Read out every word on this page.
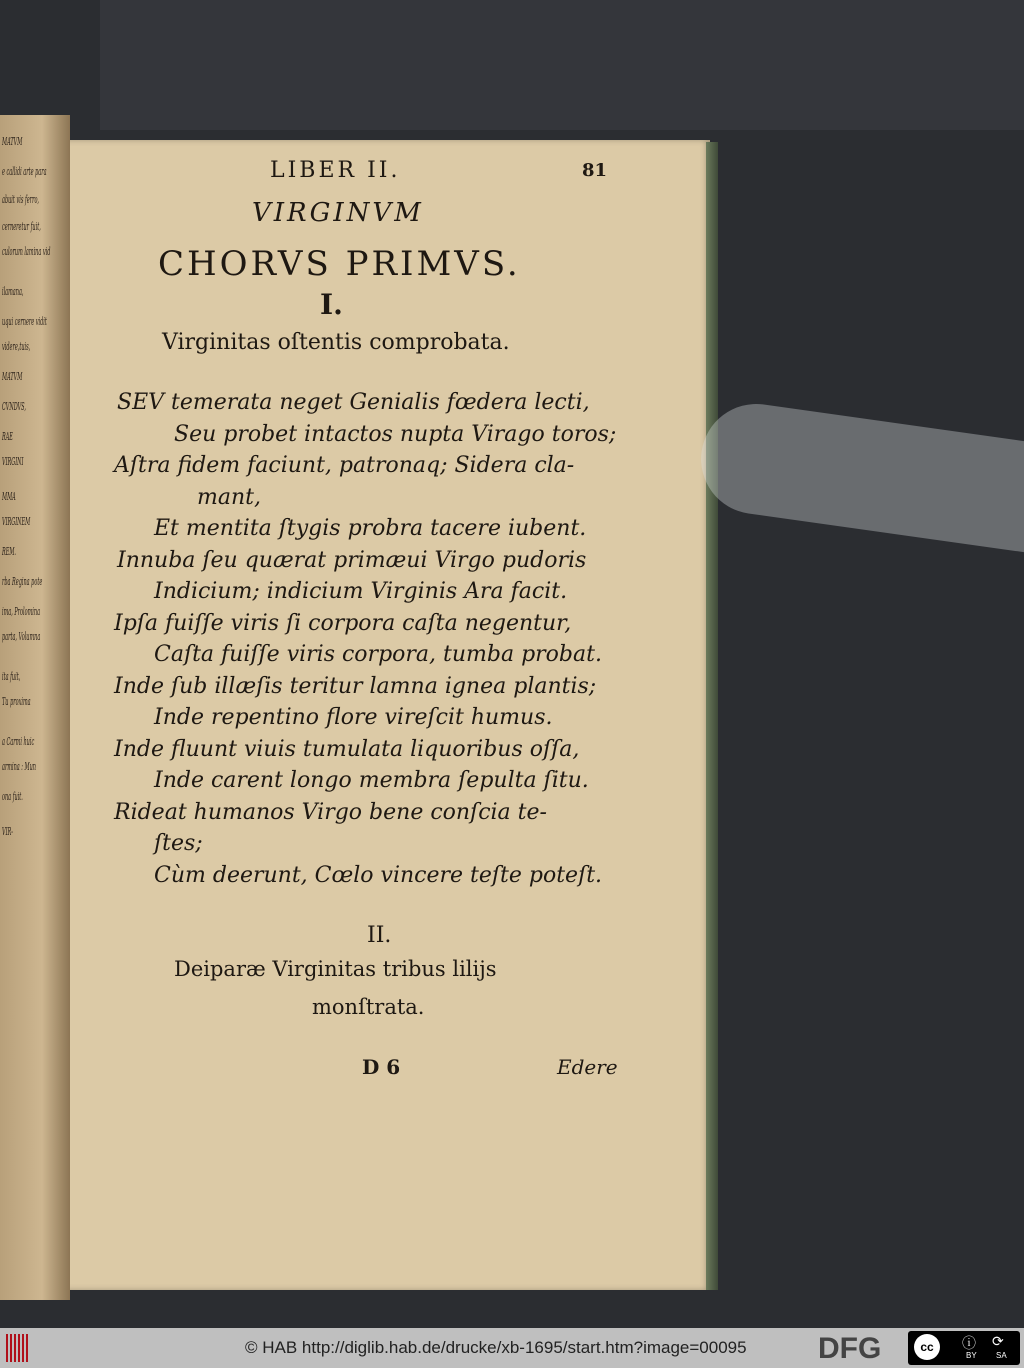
LIBER II.	81
VIRGINVM
CHORVS PRIMVS.
I.
Virginitas oſtentis comprobata.
SEV temerata neget Genialis fœdera lecti,
Seu probet intactos nupta Virago toros;
Aſtra fidem faciunt, patronaq; Sidera cla-
mant,
Et mentita ſtygis probra tacere iubent.
Innuba ſeu quærat primæui Virgo pudoris
Indicium; indicium Virginis Ara facit.
Ipſa fuiſſe viris ſi corpora caſta negentur,
Caſta fuiſſe viris corpora, tumba probat.
Inde ſub illæſis teritur lamna ignea plantis;
Inde repentino flore vireſcit humus.
Inde fluunt viuis tumulata liquoribus oſſa,
Inde carent longo membra ſepulta ſitu.
Rideat humanos Virgo bene conſcia te-
ſtes;
Cùm deerunt, Cœlo vincere teſte poteſt.
II.
Deiparæ Virginitas tribus lilijs
monſtrata.
D 6	Edere
MATVM
e callidi arte para
abuit vis ferro,
cerneretur fuit,
culorum lamina vid
ilamana,
uqui cernere vidit
videre,tuis,
MATVM
CVNDVS,
RAE
VIRGINI
MMA
VIRGINEM
REM.
rba Regina pote
ima, Prolomina
parta, Volumna
ita fuit,
Tu proxima
a Carmi huic
armina : Mun
ona fuit.
VIR-
© HAB http://diglib.hab.de/drucke/xb-1695/start.htm?image=00095 DFG	cc	ⓘ ⟳
BY SA
